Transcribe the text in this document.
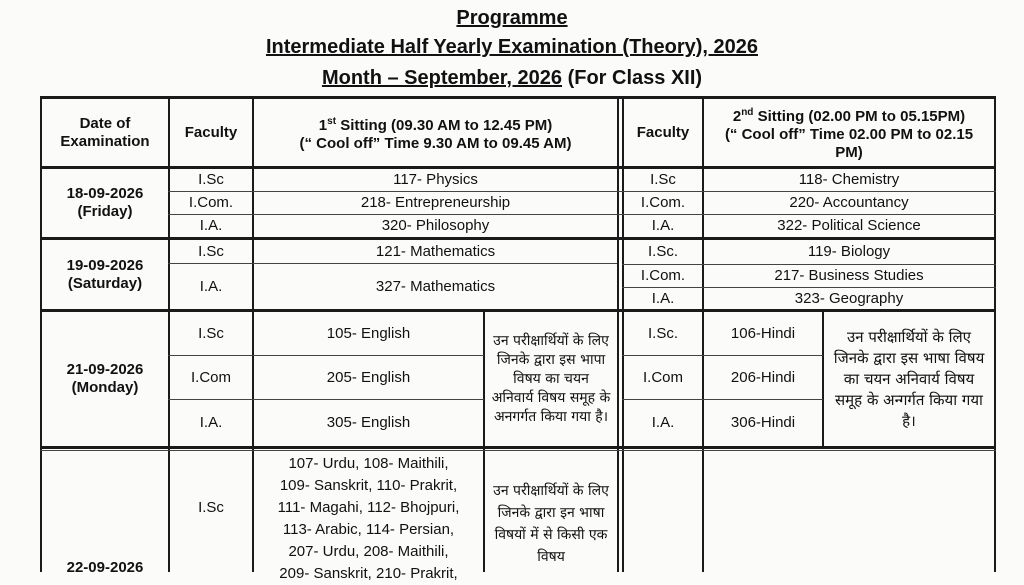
Programme
Intermediate Half Yearly Examination (Theory), 2026
Month – September, 2026 (For Class XII)
Date of Examination
Faculty	1st Sitting (09.30 AM to 12.45 PM)
(“ Cool off” Time 9.30 AM to 09.45 AM)
Faculty
2nd Sitting (02.00 PM to 05.15PM)
(“ Cool off” Time 02.00 PM to 02.15 PM)
18-09-2026
(Friday)
I.Sc
I.Com.
I.A.
117- Physics
218- Entrepreneurship
320- Philosophy
I.Sc
I.Com.
I.A.
118- Chemistry
220- Accountancy
322- Political Science
19-09-2026
(Saturday)
I.Sc
I.A.
121- Mathematics
327- Mathematics
I.Sc.
I.Com.
I.A.
119- Biology
217- Business Studies
323- Geography
21-09-2026
(Monday)
I.Sc
I.Com
I.A.
105- English
205- English
305- English
उन परीक्षार्थियों के लिए जिनके द्वारा इस भापा विषय का चयन अनिवार्य विषय समूह के अनगर्गत किया गया है।
I.Sc.
I.Com
I.A.
106-Hindi
206-Hindi
306-Hindi
उन परीक्षार्थियों के लिए जिनके द्वारा इस भाषा विषय का चयन अनिवार्य विषय समूह के अन्गर्गत किया गया है।
22-09-2026
I.Sc
107- Urdu, 108- Maithili,
109- Sanskrit, 110- Prakrit,
111- Magahi, 112- Bhojpuri,
113- Arabic, 114- Persian,
207- Urdu, 208- Maithili,
209- Sanskrit, 210- Prakrit,
उन परीक्षार्थियों के लिए जिनके द्वारा इन भाषा विषयों में से किसी एक विषय
